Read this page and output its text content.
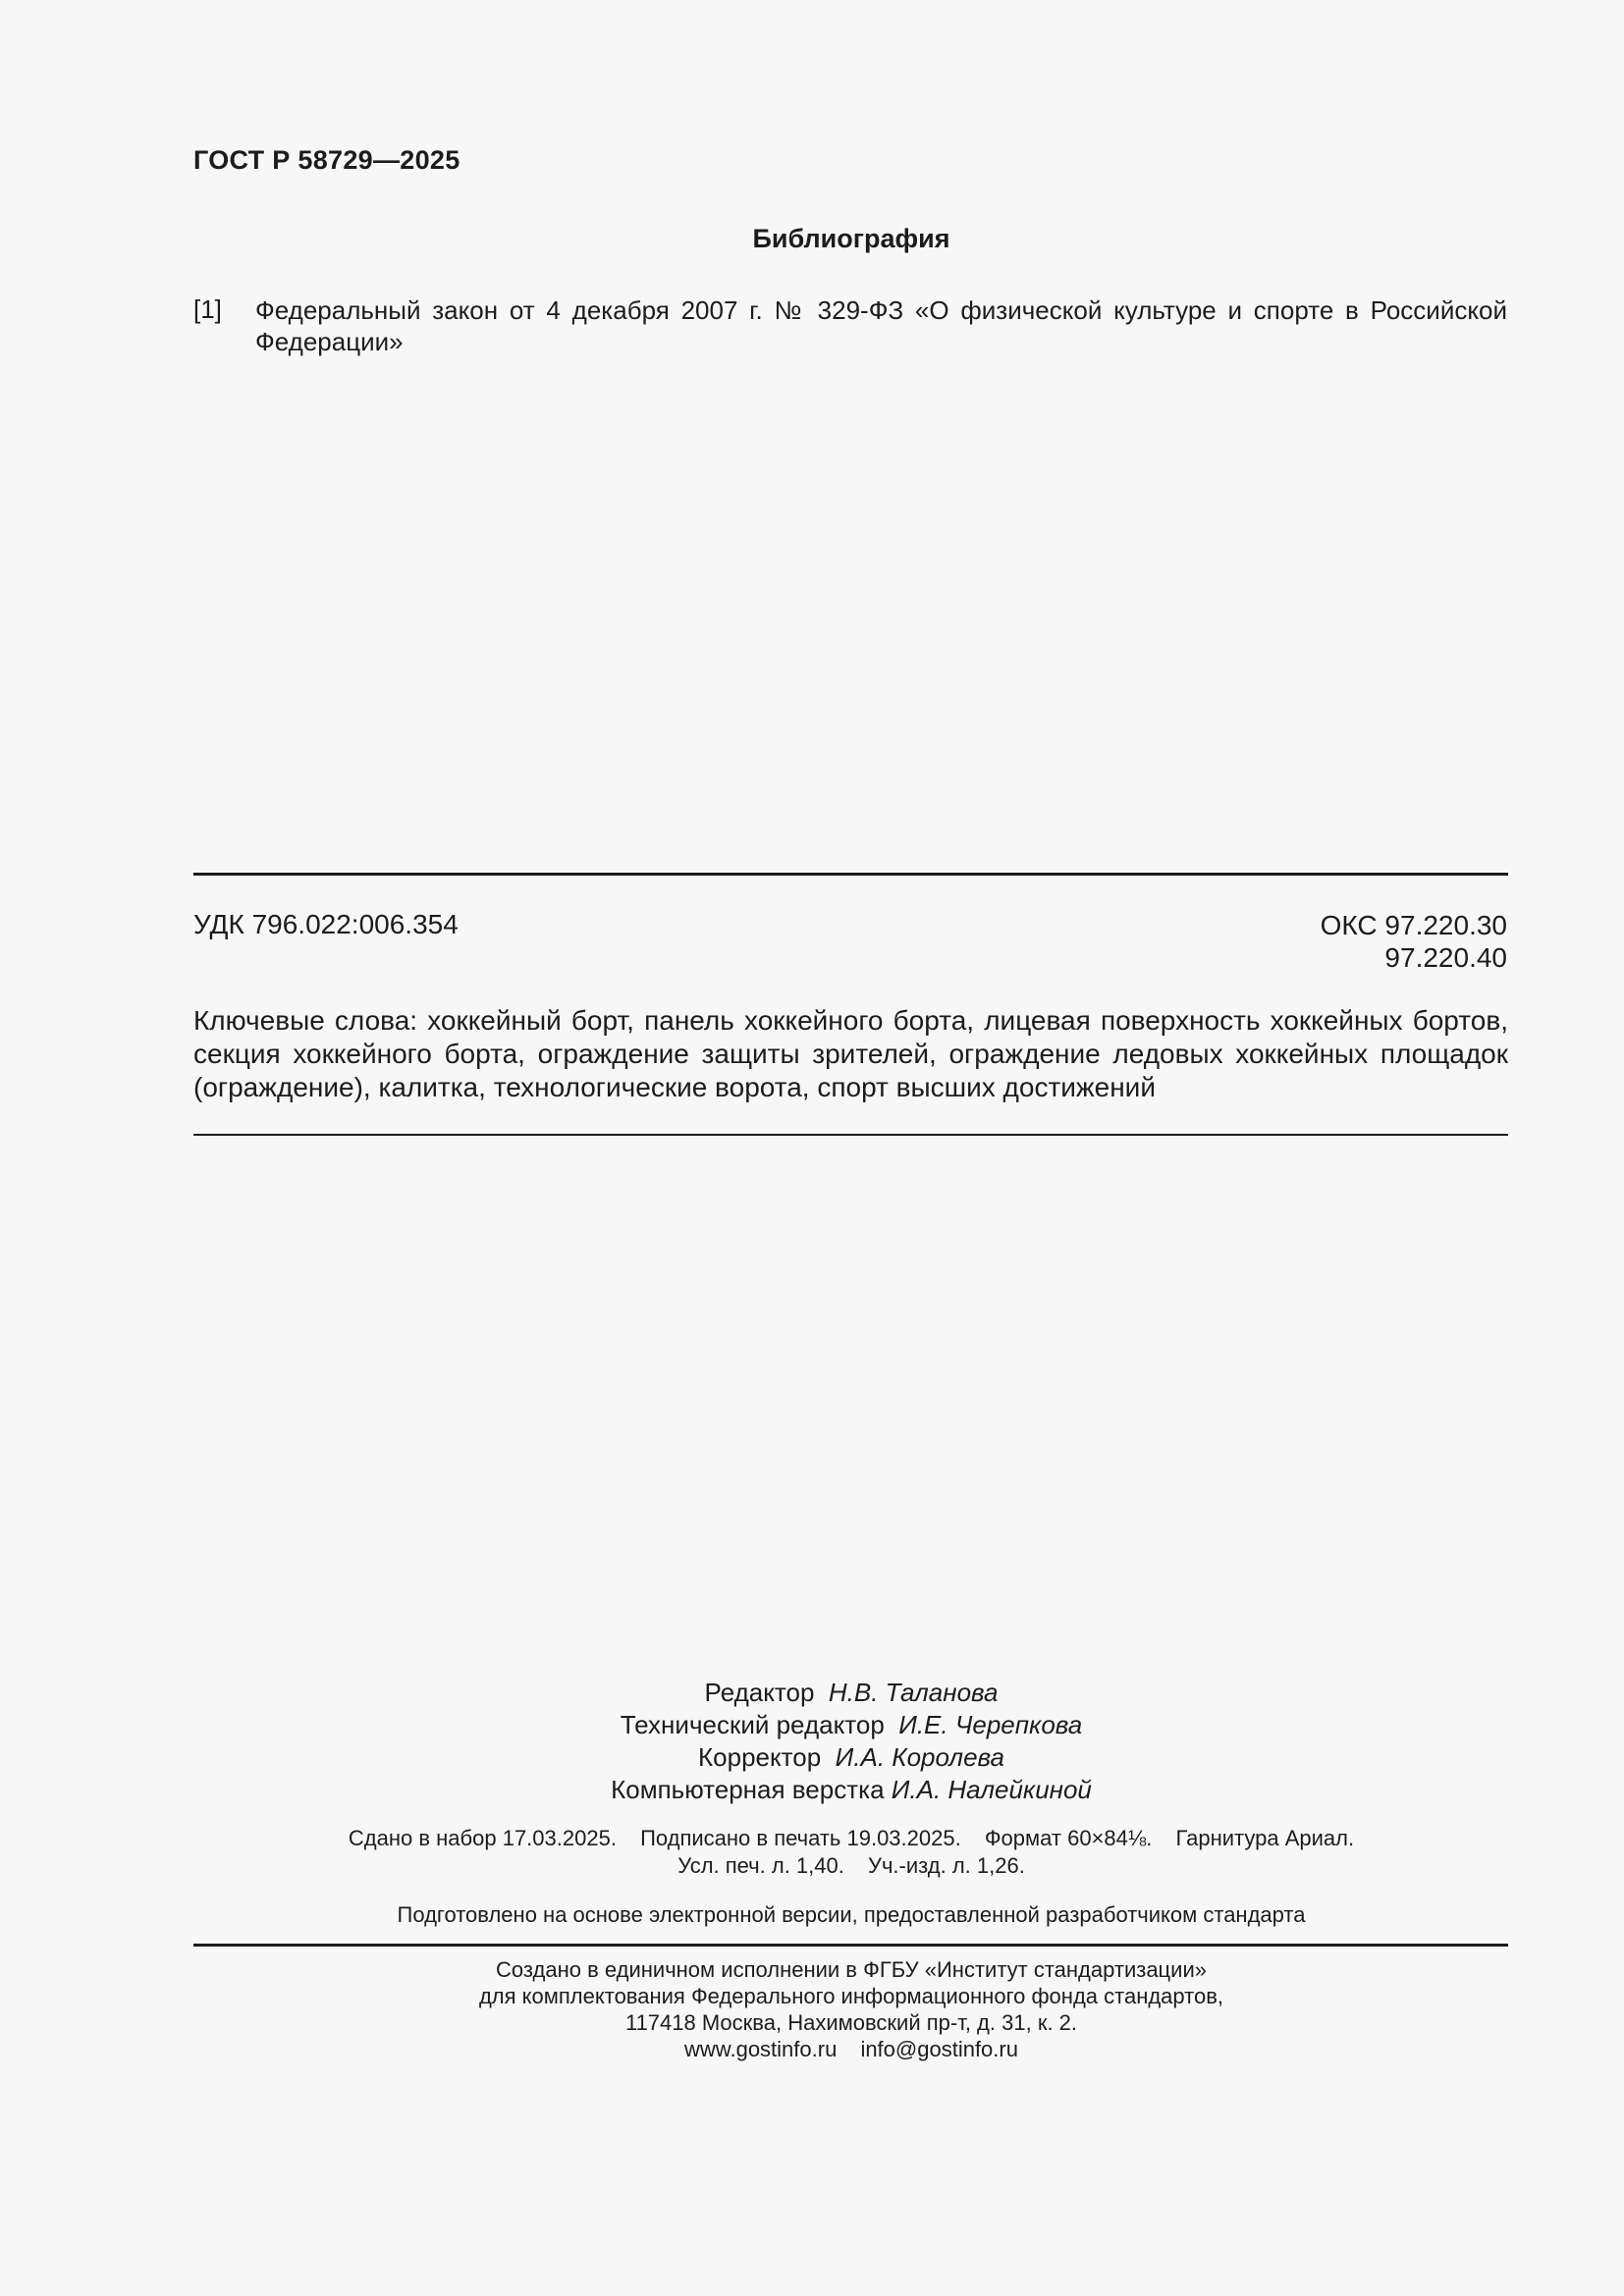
ГОСТ Р 58729—2025
Библиография
[1] Федеральный закон от 4 декабря 2007 г. № 329-ФЗ «О физической культуре и спорте в Российской Федерации»
УДК 796.022:006.354	ОКС 97.220.30
97.220.40
Ключевые слова: хоккейный борт, панель хоккейного борта, лицевая поверхность хоккейных бортов, секция хоккейного борта, ограждение защиты зрителей, ограждение ледовых хоккейных площадок (ограждение), калитка, технологические ворота, спорт высших достижений
Редактор Н.В. Таланова
Технический редактор И.Е. Черепкова
Корректор И.А. Королева
Компьютерная верстка И.А. Налейкиной
Сдано в набор 17.03.2025. Подписано в печать 19.03.2025. Формат 60×84⅛. Гарнитура Ариал.
Усл. печ. л. 1,40. Уч.-изд. л. 1,26.
Подготовлено на основе электронной версии, предоставленной разработчиком стандарта
Создано в единичном исполнении в ФГБУ «Институт стандартизации»
для комплектования Федерального информационного фонда стандартов,
117418 Москва, Нахимовский пр-т, д. 31, к. 2.
www.gostinfo.ru info@gostinfo.ru
